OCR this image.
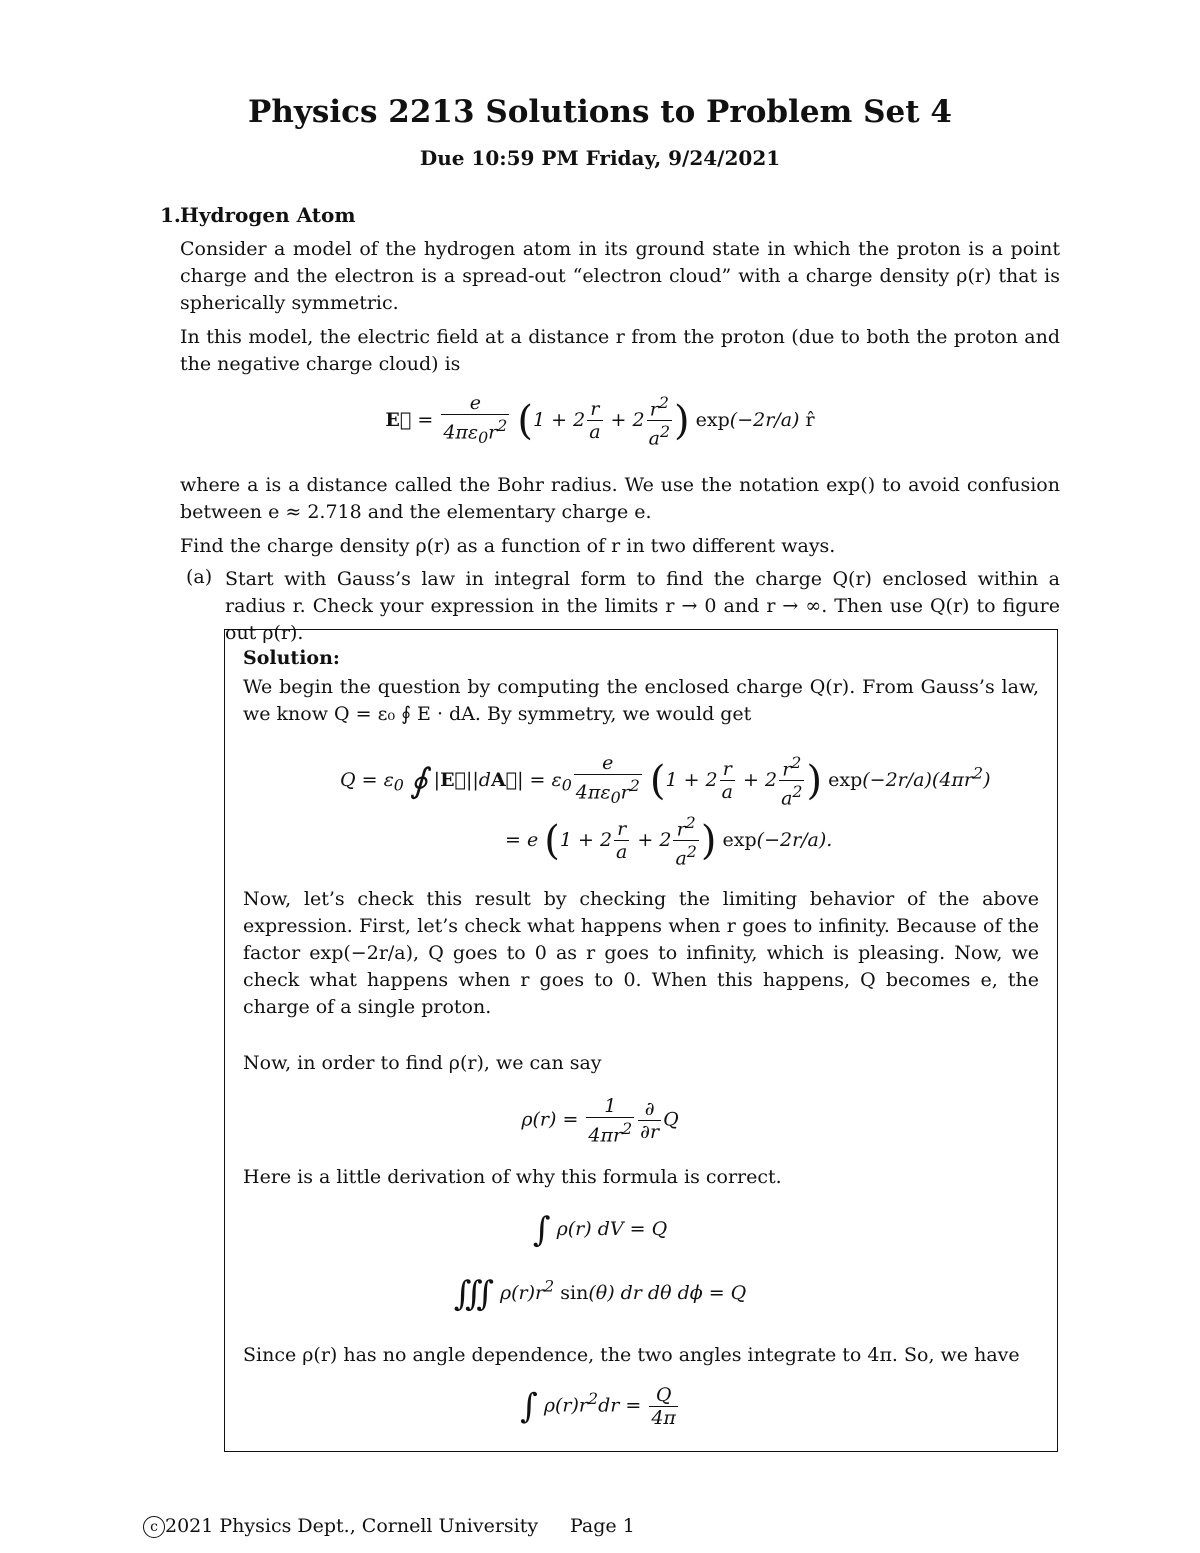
Physics 2213 Solutions to Problem Set 4
Due 10:59 PM Friday, 9/24/2021
1. Hydrogen Atom
Consider a model of the hydrogen atom in its ground state in which the proton is a point charge and the electron is a spread-out “electron cloud” with a charge density ρ(r) that is spherically symmetric.
In this model, the electric field at a distance r from the proton (due to both the proton and the negative charge cloud) is
E⃗ = $\frac{e}{4\pi\varepsilon_0r^2} (1 + 2 \frac{r}{a} + 2 \frac{r^2}{a^2}$ ) exp(−2r/a) r̂
where a is a distance called the Bohr radius. We use the notation exp() to avoid confusion between e ≈ 2.718 and the elementary charge e.
Find the charge density ρ(r) as a function of r in two different ways.
(a) Start with Gauss’s law in integral form to find the charge Q(r) enclosed within a radius r. Check your expression in the limits r → 0 and r → ∞. Then use Q(r) to figure out ρ(r).
Solution:
We begin the question by computing the enclosed charge Q(r). From Gauss’s law, we know Q = ε₀ ∮ E · dA. By symmetry, we would get
$Q = \varepsilon_0$ ∮ |E⃗||dA⃗| = $\varepsilon_0 \frac{e}{4\pi\varepsilon_0r^2} (1 + 2 \frac{r}{a} + 2 \frac{r^2}{a^2}$ ) $\exp(-2r/a)(4\pi r^2)$
= e ($1 + 2 \frac{r}{a} + 2 \frac{r^2}{a^2}$ ) exp(−2r/a).
Now, let’s check this result by checking the limiting behavior of the above expression. First, let’s check what happens when r goes to infinity. Because of the factor exp(−2r/a), Q goes to 0 as r goes to infinity, which is pleasing. Now, we check what happens when r goes to 0. When this happens, Q becomes e, the charge of a single proton.
Now, in order to find ρ(r), we can say
$\rho(r) = \frac{1}{4\pi r^2} \frac{\partial}{\partial r}$ Q
Here is a little derivation of why this formula is correct.
∫ ρ(r) dV = Q
∭ $\rho(r)r^2$ sin(θ) dr dθ dϕ = Q
Since ρ(r) has no angle dependence, the two angles integrate to 4π. So, we have
∫ $\rho(r)r^2dr = \frac{Q}{4\pi}$
c 2021 Physics Dept., Cornell University Page 1
